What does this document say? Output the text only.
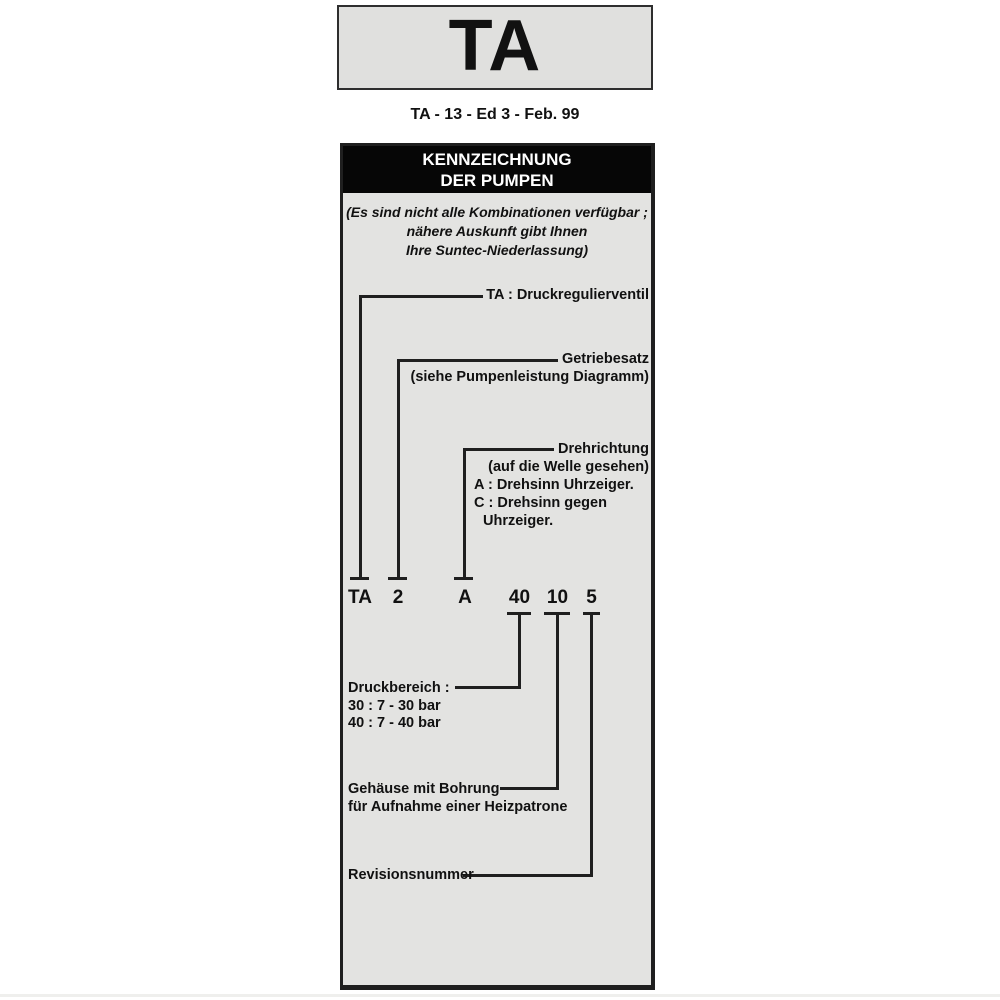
TA
TA - 13 - Ed 3 - Feb. 99
KENNZEICHNUNG
DER PUMPEN
(Es sind nicht alle Kombinationen verfügbar ;
nähere Auskunft gibt Ihnen
Ihre Suntec-Niederlassung)
TA : Druckregulierventil
Getriebesatz
(siehe Pumpenleistung Diagramm)
Drehrichtung
(auf die Welle gesehen)
A : Drehsinn Uhrzeiger.
C : Drehsinn gegen
Uhrzeiger.
TA	2	A	40 10 5
Druckbereich :
30 : 7 - 30 bar
40 : 7 - 40 bar
Gehäuse mit Bohrung
für Aufnahme einer Heizpatrone
Revisionsnummer
